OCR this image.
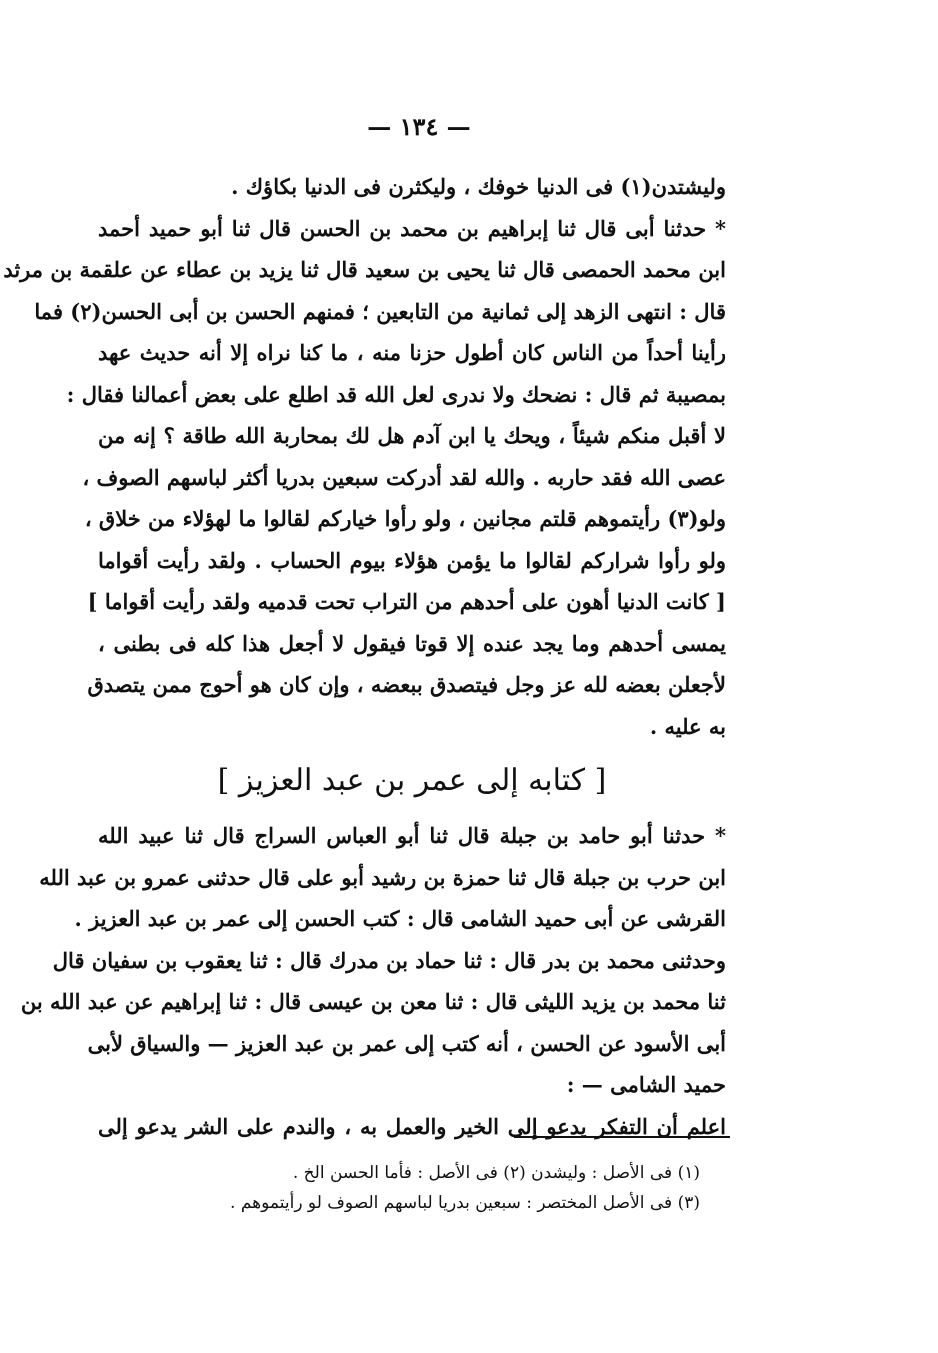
— ١٣٤ —
وليشتدن(١) فى الدنيا خوفك ، وليكثرن فى الدنيا بكاؤك .
* حدثنا أبى قال ثنا إبراهيم بن محمد بن الحسن قال ثنا أبو حميد أحمد
ابن محمد الحمصى قال ثنا يحيى بن سعيد قال ثنا يزيد بن عطاء عن علقمة بن مرثد
قال : انتهى الزهد إلى ثمانية من التابعين ؛ فمنهم الحسن بن أبى الحسن(٢) فما
رأينا أحداً من الناس كان أطول حزنا منه ، ما كنا نراه إلا أنه حديث عهد
بمصيبة ثم قال : نضحك ولا ندرى لعل الله قد اطلع على بعض أعمالنا فقال :
لا أقبل منكم شيئاً ، ويحك يا ابن آدم هل لك بمحاربة الله طاقة ؟ إنه من
عصى الله فقد حاربه . والله لقد أدركت سبعين بدريا أكثر لباسهم الصوف ،
ولو(٣) رأيتموهم قلتم مجانين ، ولو رأوا خياركم لقالوا ما لهؤلاء من خلاق ،
ولو رأوا شراركم لقالوا ما يؤمن هؤلاء بيوم الحساب . ولقد رأيت أقواما
[ كانت الدنيا أهون على أحدهم من التراب تحت قدميه ولقد رأيت أقواما ]
يمسى أحدهم وما يجد عنده إلا قوتا فيقول لا أجعل هذا كله فى بطنى ،
لأجعلن بعضه لله عز وجل فيتصدق ببعضه ، وإن كان هو أحوج ممن يتصدق
به عليه .
[ كتابه إلى عمر بن عبد العزيز ]
* حدثنا أبو حامد بن جبلة قال ثنا أبو العباس السراج قال ثنا عبيد الله
ابن حرب بن جبلة قال ثنا حمزة بن رشيد أبو على قال حدثنى عمرو بن عبد الله
القرشى عن أبى حميد الشامى قال : كتب الحسن إلى عمر بن عبد العزيز .
وحدثنى محمد بن بدر قال : ثنا حماد بن مدرك قال : ثنا يعقوب بن سفيان قال
ثنا محمد بن يزيد الليثى قال : ثنا معن بن عيسى قال : ثنا إبراهيم عن عبد الله بن
أبى الأسود عن الحسن ، أنه كتب إلى عمر بن عبد العزيز — والسياق لأبى
حميد الشامى — :
اعلم أن التفكر يدعو إلى الخير والعمل به ، والندم على الشر يدعو إلى
(١) فى الأصل : وليشدن (٢) فى الأصل : فأما الحسن الخ .
(٣) فى الأصل المختصر : سبعين بدريا لباسهم الصوف لو رأيتموهم .
